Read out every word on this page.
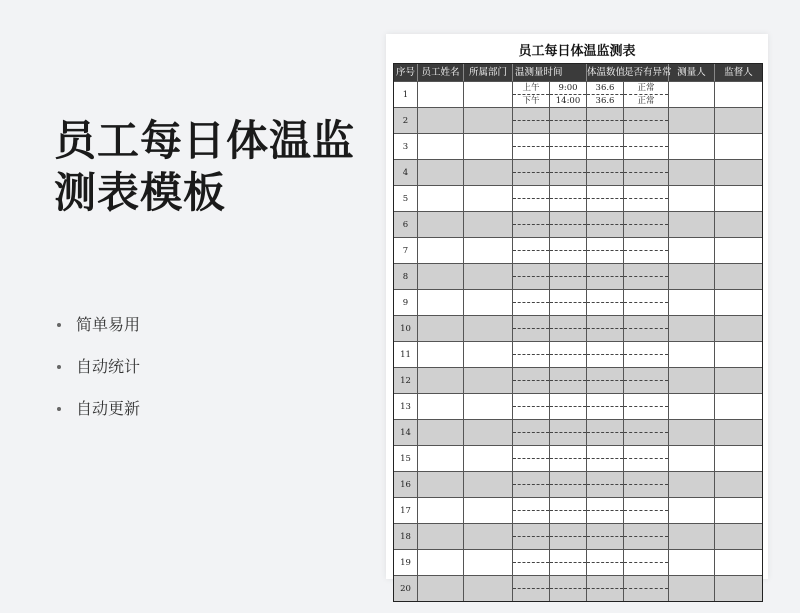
员工每日体温监
测表模板
简单易用
自动统计
自动更新
员工每日体温监测表
序号 员工姓名 所属部门 温测量时间	体温数值
是否有异常 测量人	监督人
1
上午
下午
9:00
14:00
36.6
36.6
正常
正常
2
3
4
5
6
7
8
9
10
11
12
13
14
15
16
17
18
19
20
